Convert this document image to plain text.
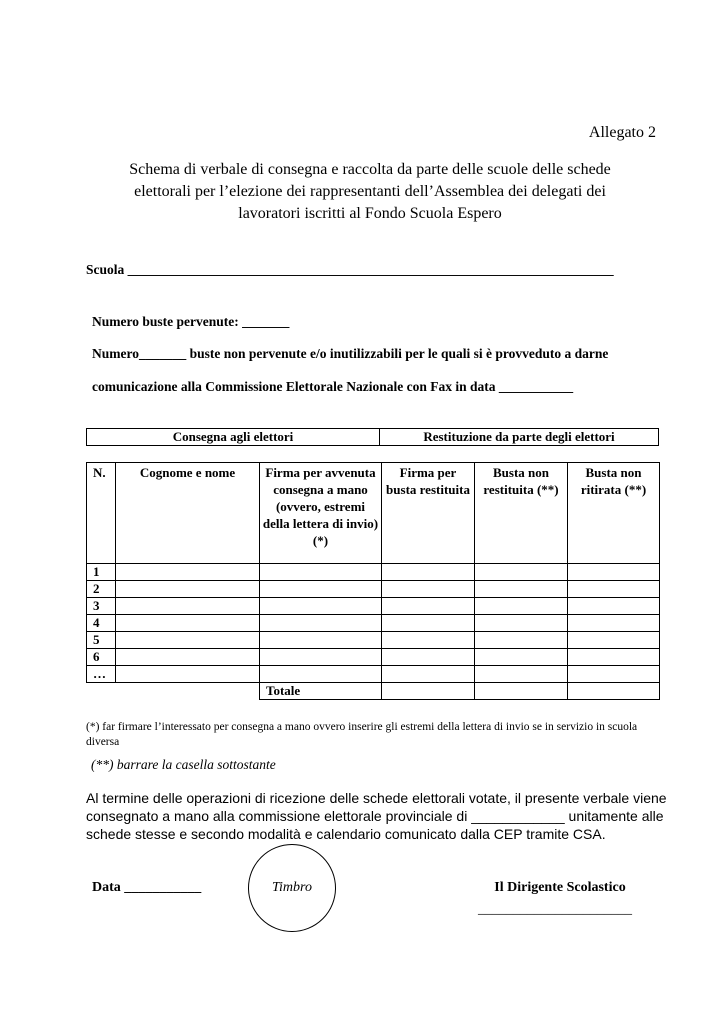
Allegato 2
Schema di verbale di consegna e raccolta da parte delle scuole delle schede
elettorali per l’elezione dei rappresentanti dell’Assemblea dei delegati dei
lavoratori iscritti al Fondo Scuola Espero
Scuola ________________________________________________________________________
Numero buste pervenute: _______
Numero_______ buste non pervenute e/o inutilizzabili per le quali si è provveduto a darne
comunicazione alla Commissione Elettorale Nazionale con Fax in data ___________
Consegna agli elettori	Restituzione da parte degli elettori
N.	Cognome e nome	Firma per avvenuta consegna a mano (ovvero, estremi della lettera di invio) (*)	Firma per busta restituita	Busta non restituita (**)	Busta non ritirata (**)
1					
2					
3					
4					
5					
6					
…					
		Totale			
(*) far firmare l’interessato per consegna a mano ovvero inserire gli estremi della lettera di invio se in servizio in scuola diversa
(**) barrare la casella sottostante
Al termine delle operazioni di ricezione delle schede elettorali votate, il presente verbale viene
consegnato a mano alla commissione elettorale provinciale di ____________ unitamente alle
schede stesse e secondo modalità e calendario comunicato dalla CEP tramite CSA.
Data ___________	Timbro	Il Dirigente Scolastico
______________________
